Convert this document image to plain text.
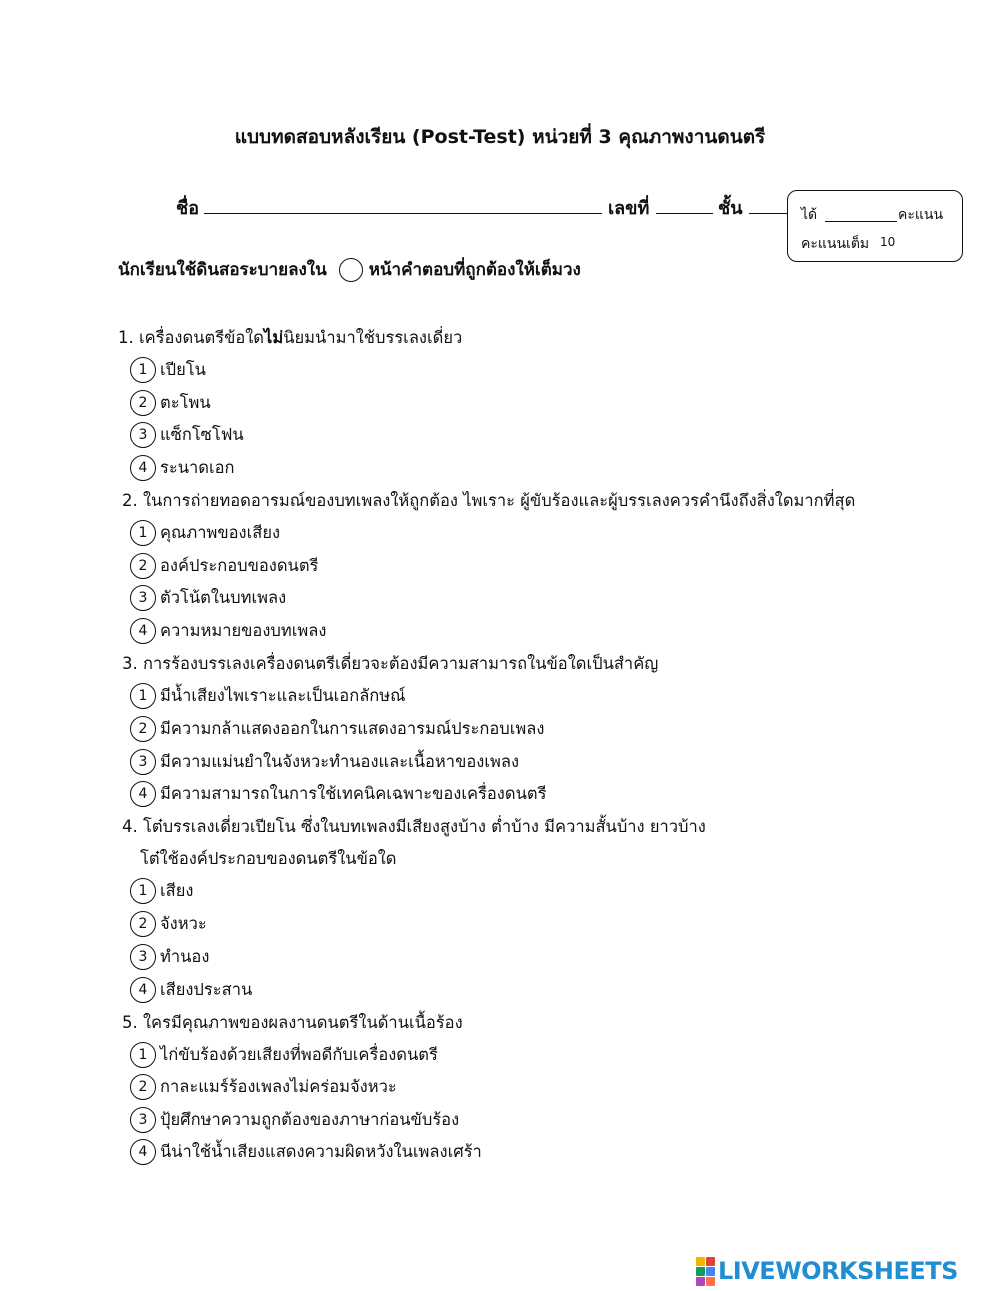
แบบทดสอบหลังเรียน (Post-Test) หน่วยที่ 3 คุณภาพงานดนตรี
ชื่อ	เลขที่	ชั้น	ได้	คะแนน
คะแนนเต็ม 10
นักเรียนใช้ดินสอระบายลงใน หน้าคำตอบที่ถูกต้องให้เต็มวง
1. เครื่องดนตรีข้อใดไม่นิยมนำมาใช้บรรเลงเดี่ยว
1 เปียโน
2 ตะโพน
3 แซ็กโซโฟน
4 ระนาดเอก
2. ในการถ่ายทอดอารมณ์ของบทเพลงให้ถูกต้อง ไพเราะ ผู้ขับร้องและผู้บรรเลงควรคำนึงถึงสิ่งใดมากที่สุด
1 คุณภาพของเสียง
2 องค์ประกอบของดนตรี
3 ตัวโน้ตในบทเพลง
4 ความหมายของบทเพลง
3. การร้องบรรเลงเครื่องดนตรีเดี่ยวจะต้องมีความสามารถในข้อใดเป็นสำคัญ
1 มีน้ำเสียงไพเราะและเป็นเอกลักษณ์
2 มีความกล้าแสดงออกในการแสดงอารมณ์ประกอบเพลง
3 มีความแม่นยำในจังหวะทำนองและเนื้อหาของเพลง
4 มีความสามารถในการใช้เทคนิคเฉพาะของเครื่องดนตรี
4. โต๋บรรเลงเดี่ยวเปียโน ซึ่งในบทเพลงมีเสียงสูงบ้าง ต่ำบ้าง มีความสั้นบ้าง ยาวบ้าง
โต๋ใช้องค์ประกอบของดนตรีในข้อใด
1 เสียง
2 จังหวะ
3 ทำนอง
4 เสียงประสาน
5. ใครมีคุณภาพของผลงานดนตรีในด้านเนื้อร้อง
1 ไก่ขับร้องด้วยเสียงที่พอดีกับเครื่องดนตรี
2 กาละแมร์ร้องเพลงไม่คร่อมจังหวะ
3 ปุ้ยศึกษาความถูกต้องของภาษาก่อนขับร้อง
4 นีน่าใช้น้ำเสียงแสดงความผิดหวังในเพลงเศร้า
LIVEWORKSHEETS
